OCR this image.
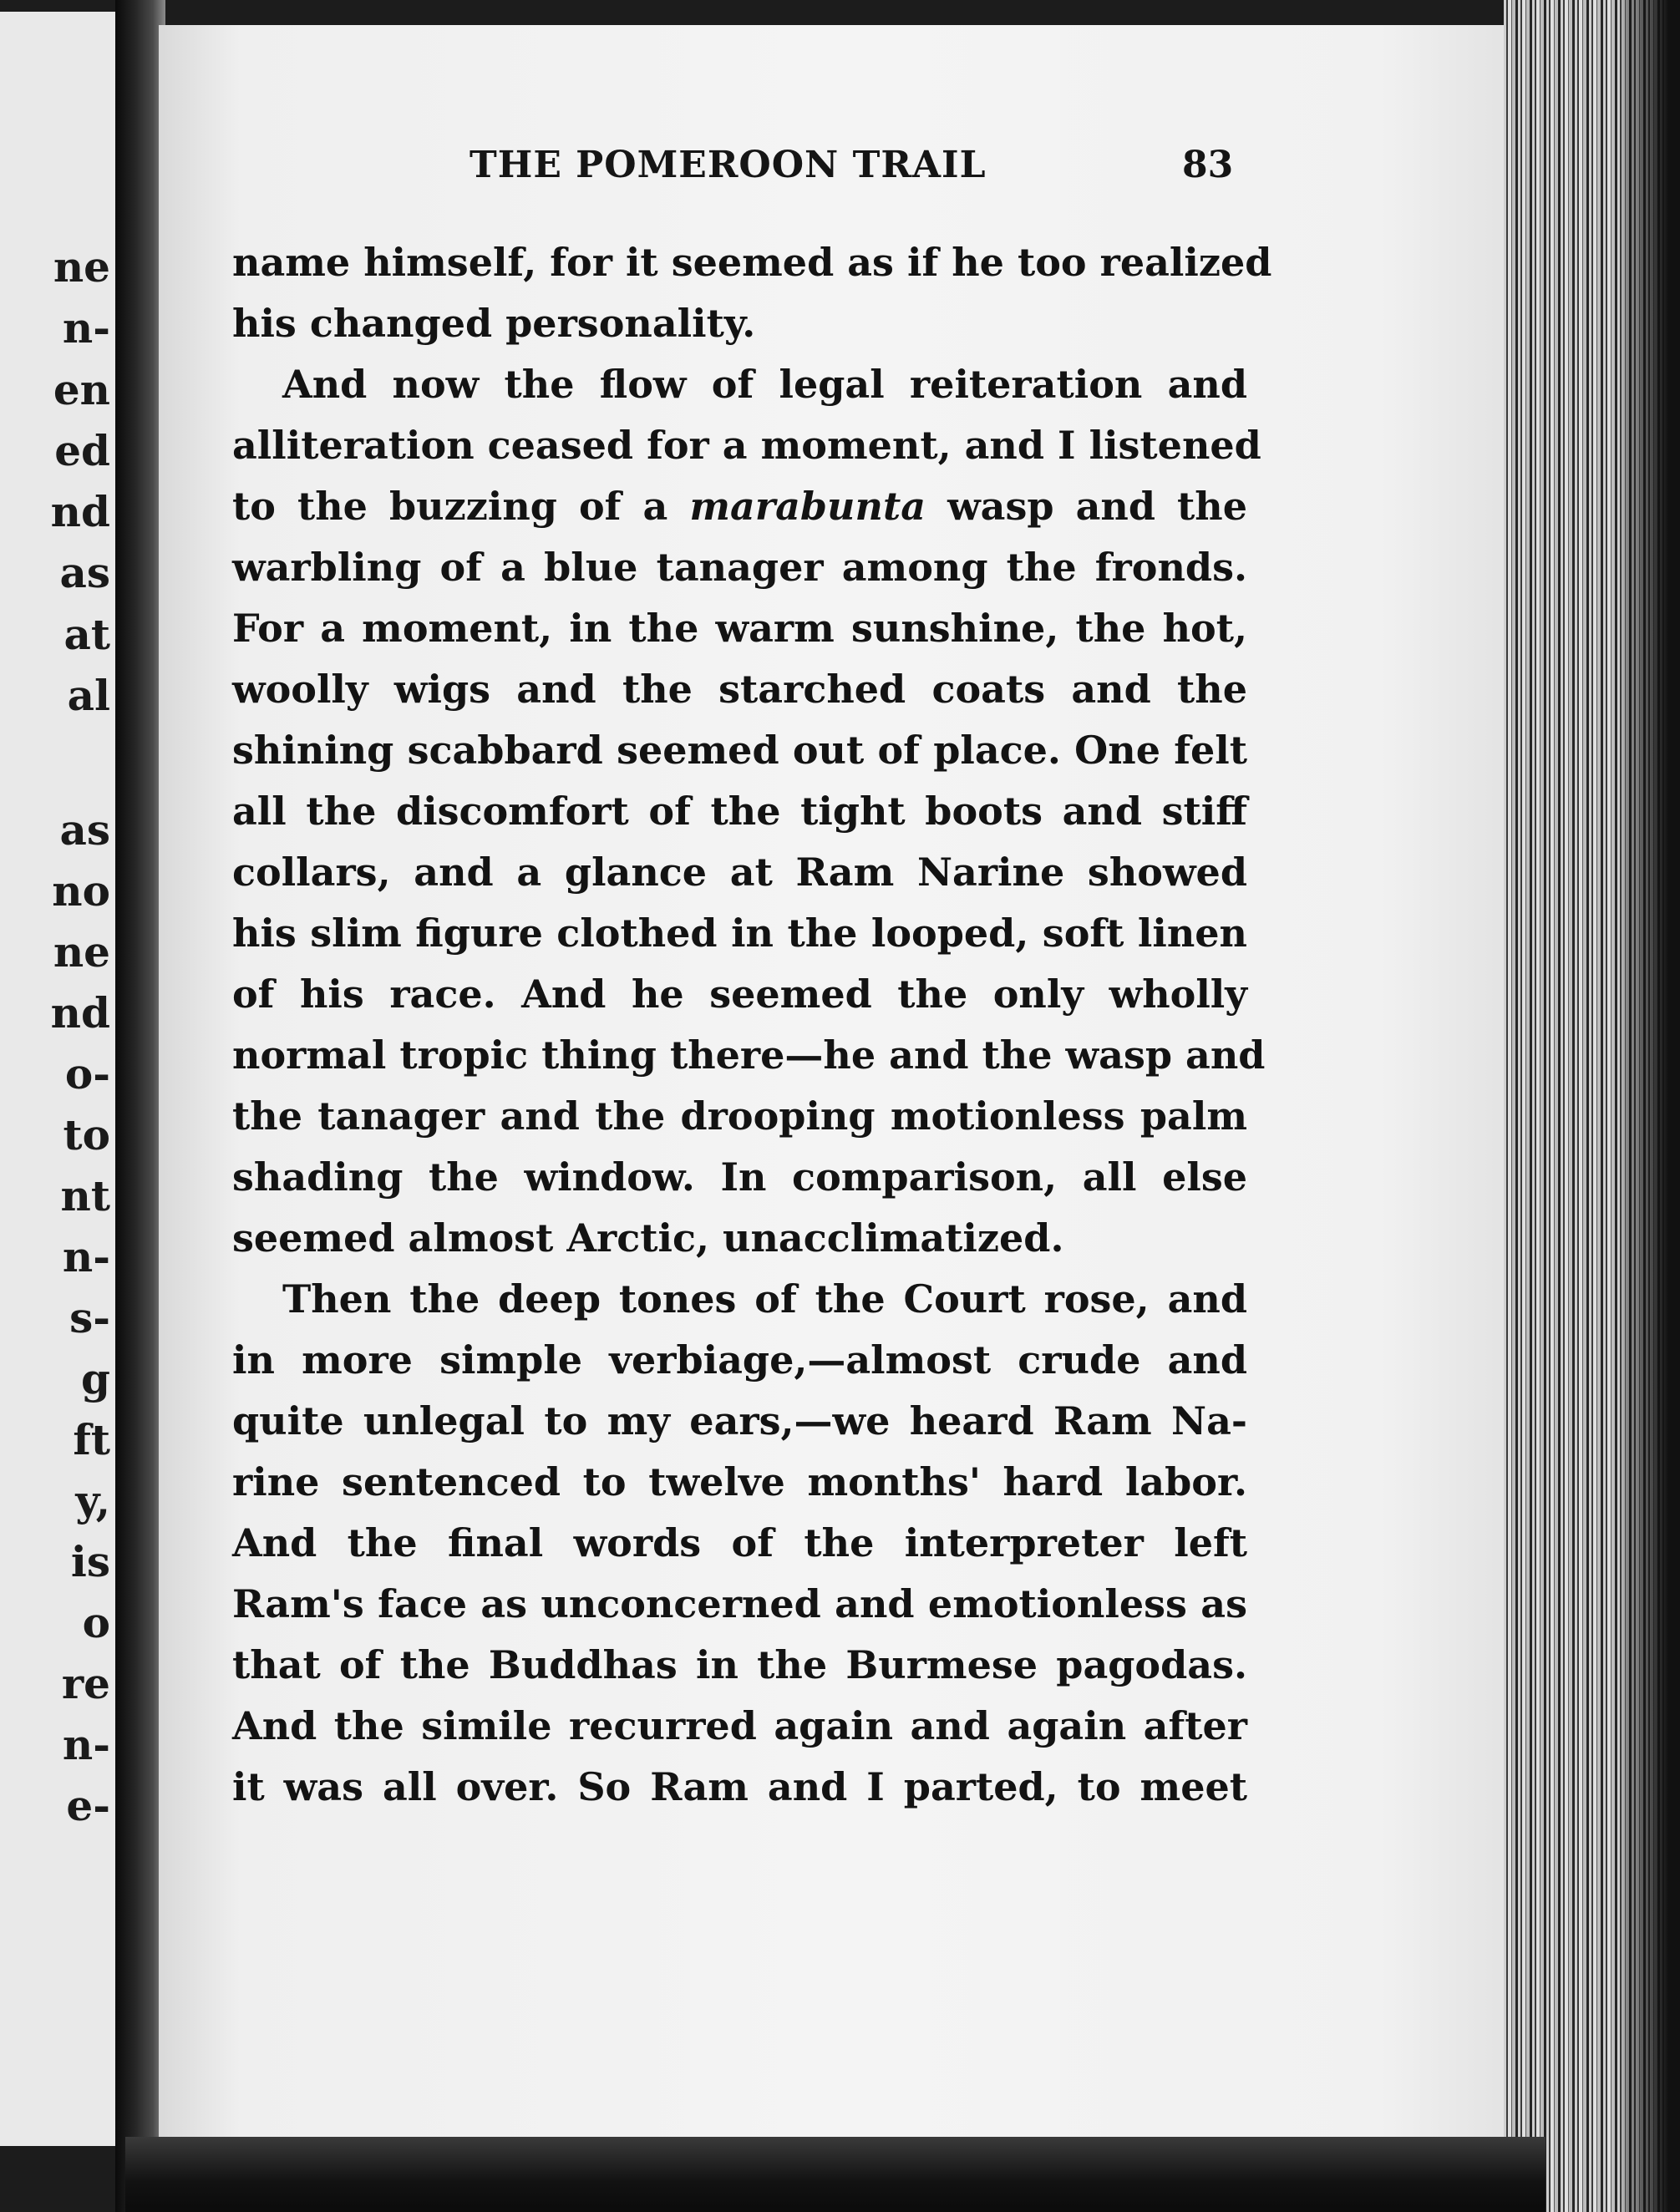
ne
n-
en
ed
nd
as
at
al
as
no
ne
nd
o-
to
nt
n-
s-
g
ft
y,
is
o
re
n-
e-
THE POMEROON TRAIL	83
name himself, for it seemed as if he too realized
his changed personality.
And now the flow of legal reiteration and
alliteration ceased for a moment, and I listened
to the buzzing of a marabunta wasp and the
warbling of a blue tanager among the fronds.
For a moment, in the warm sunshine, the hot,
woolly wigs and the starched coats and the
shining scabbard seemed out of place. One felt
all the discomfort of the tight boots and stiff
collars, and a glance at Ram Narine showed
his slim figure clothed in the looped, soft linen
of his race. And he seemed the only wholly
normal tropic thing there—he and the wasp and
the tanager and the drooping motionless palm
shading the window. In comparison, all else
seemed almost Arctic, unacclimatized.
Then the deep tones of the Court rose, and
in more simple verbiage,—almost crude and
quite unlegal to my ears,—we heard Ram Na-
rine sentenced to twelve months' hard labor.
And the final words of the interpreter left
Ram's face as unconcerned and emotionless as
that of the Buddhas in the Burmese pagodas.
And the simile recurred again and again after
it was all over. So Ram and I parted, to meet
